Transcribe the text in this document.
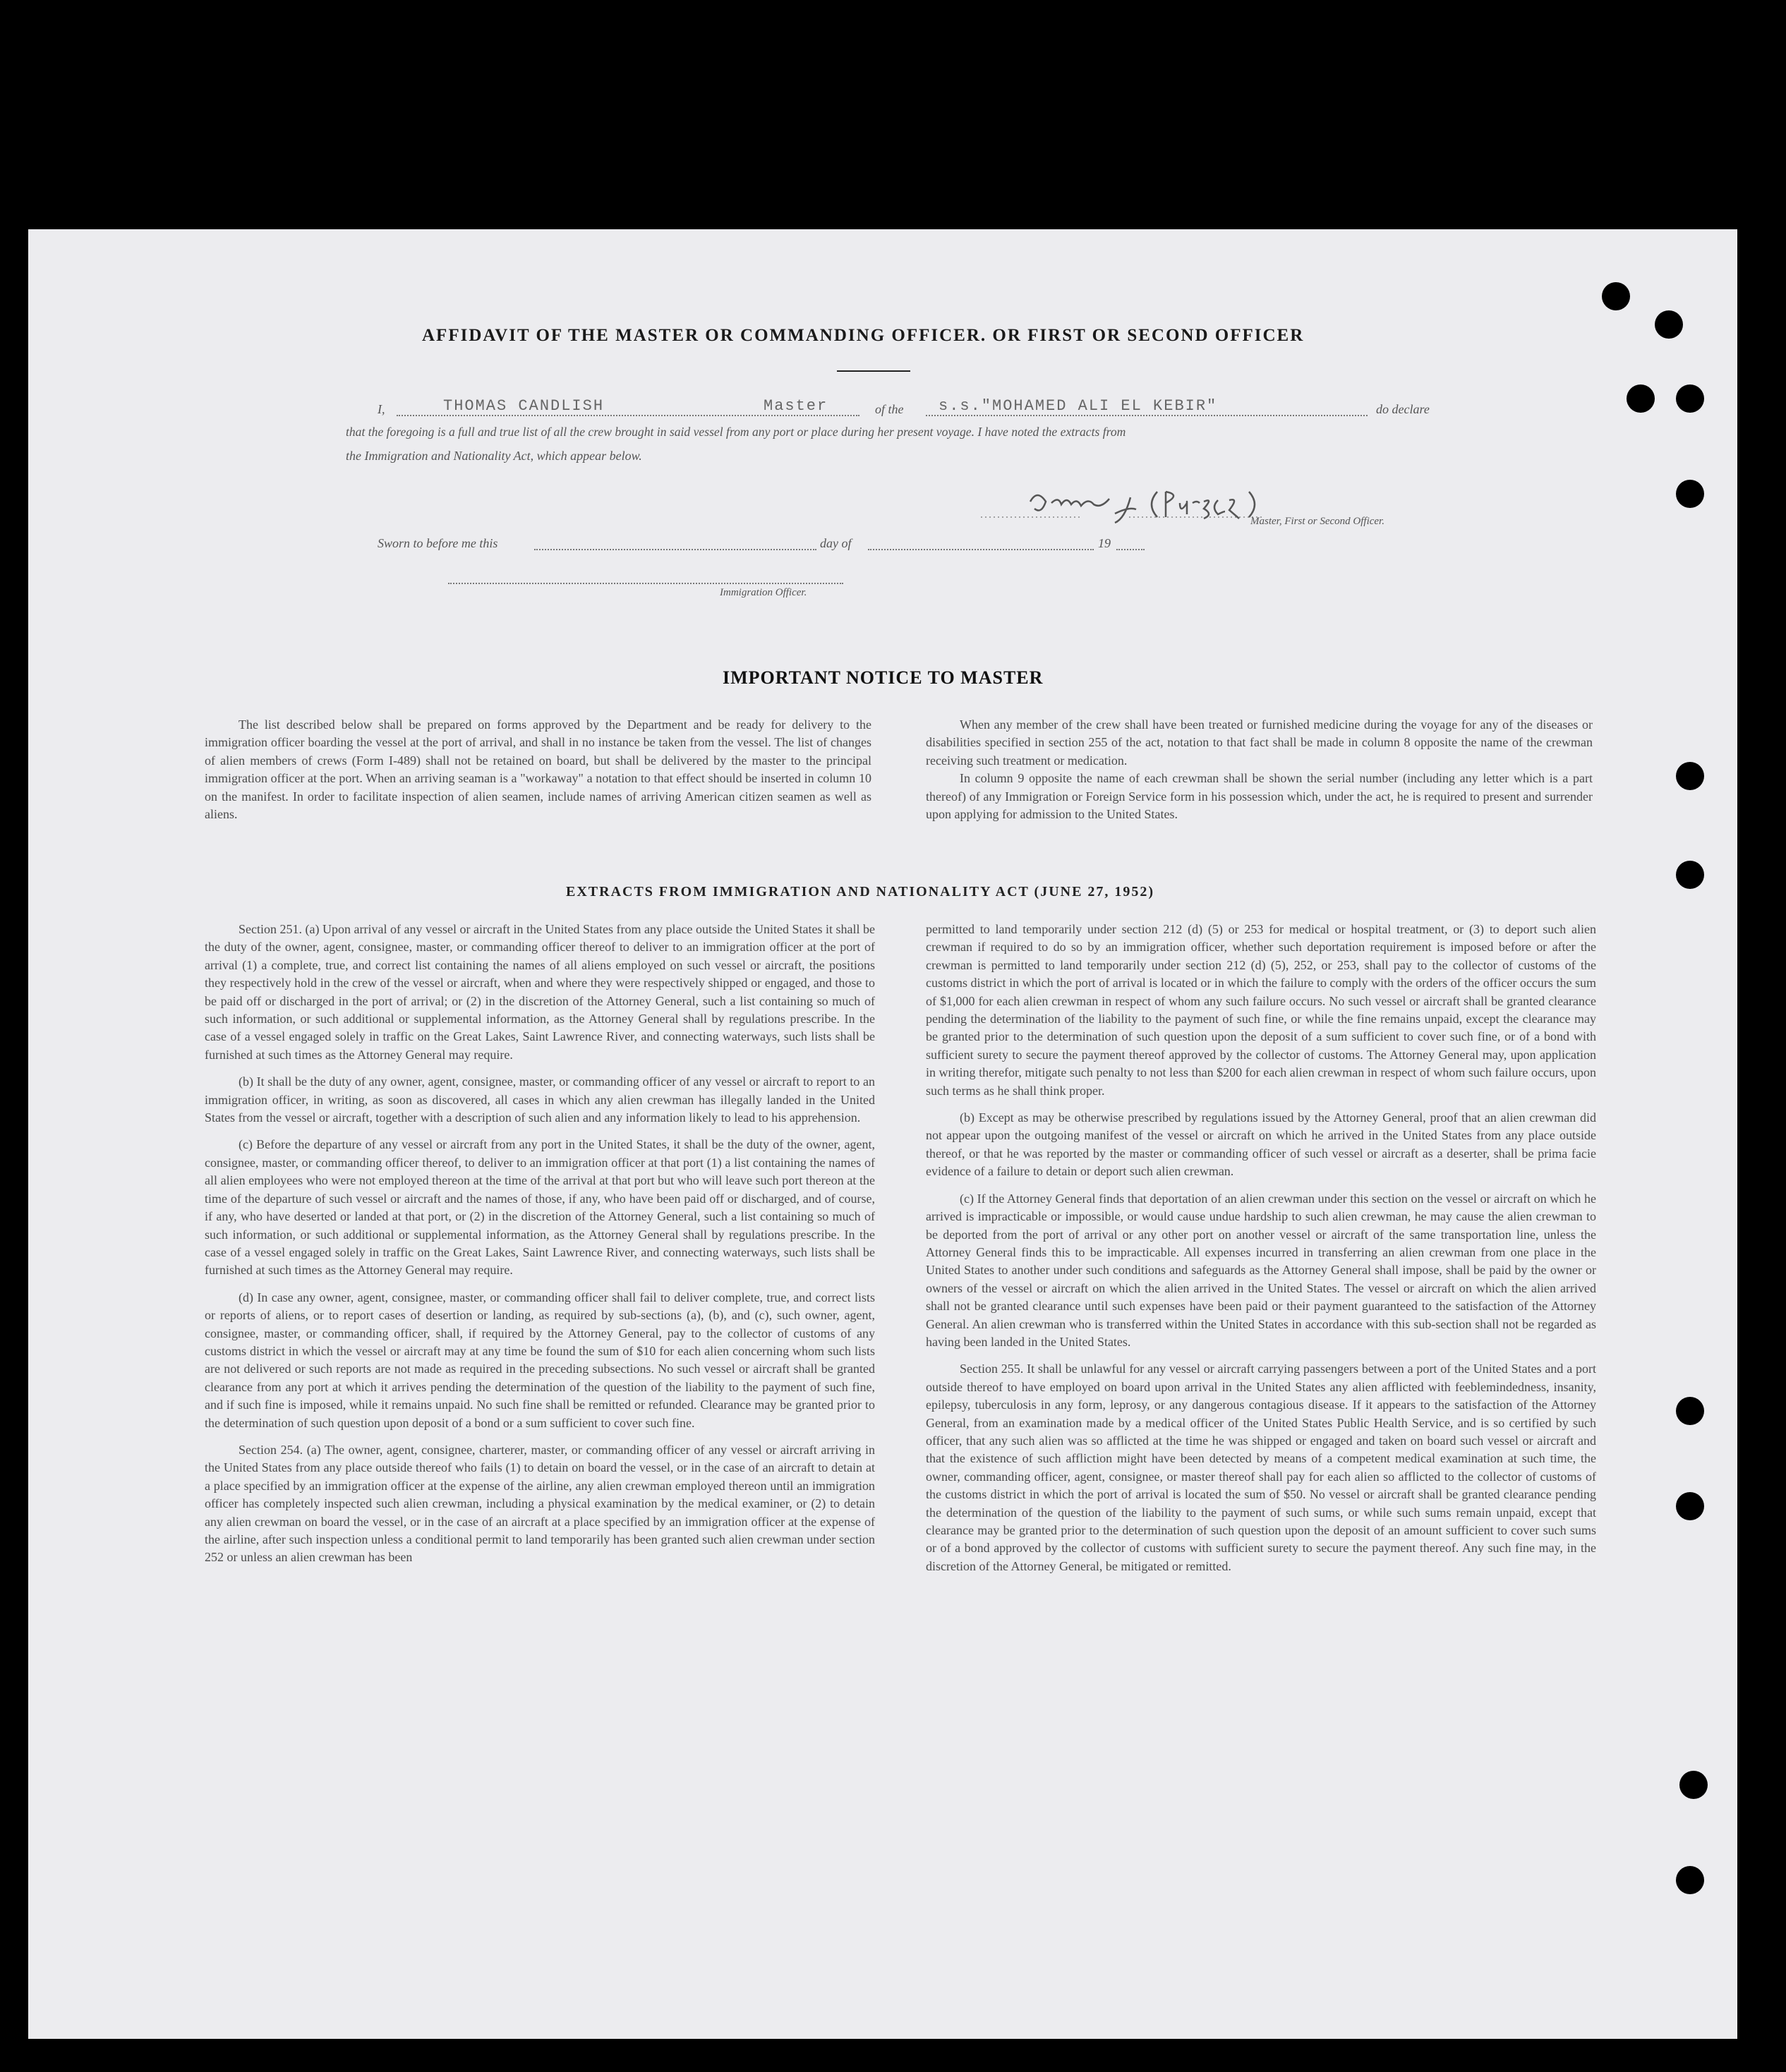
AFFIDAVIT OF THE MASTER OR COMMANDING OFFICER. OR FIRST OR SECOND OFFICER
I,	THOMAS CANDLISH	Master	of the s.s."MOHAMED ALI EL KEBIR"	do declare
that the foregoing is a full and true list of all the crew brought in said vessel from any port or place during her present voyage. I have noted the extracts from
the Immigration and Nationality Act, which appear below.
Master, First or Second Officer.
Sworn to before me this	day of	19
Immigration Officer.
IMPORTANT NOTICE TO MASTER

The list described below shall be prepared on forms approved by the Department and be ready for delivery to the immigration officer boarding the vessel at the port of arrival, and shall in no instance be taken from the vessel. The list of changes of alien members of crews (Form I-489) shall not be retained on board, but shall be delivered by the master to the principal immigration officer at the port. When an arriving seaman is a "workaway" a notation to that effect should be inserted in column 10 on the manifest. In order to facilitate inspection of alien seamen, include names of arriving American citizen seamen as well as aliens.

When any member of the crew shall have been treated or furnished medicine during the voyage for any of the diseases or disabilities specified in section 255 of the act, notation to that fact shall be made in column 8 opposite the name of the crewman receiving such treatment or medication.

In column 9 opposite the name of each crewman shall be shown the serial number (including any letter which is a part thereof) of any Immigration or Foreign Service form in his possession which, under the act, he is required to present and surrender upon applying for admission to the United States.

EXTRACTS FROM IMMIGRATION AND NATIONALITY ACT (JUNE 27, 1952)

Section 251. (a) Upon arrival of any vessel or aircraft in the United States from any place outside the United States it shall be the duty of the owner, agent, consignee, master, or commanding officer thereof to deliver to an immigration officer at the port of arrival (1) a complete, true, and correct list containing the names of all aliens employed on such vessel or aircraft, the positions they respectively hold in the crew of the vessel or aircraft, when and where they were respectively shipped or engaged, and those to be paid off or discharged in the port of arrival; or (2) in the discretion of the Attorney General, such a list containing so much of such information, or such additional or supplemental information, as the Attorney General shall by regulations prescribe. In the case of a vessel engaged solely in traffic on the Great Lakes, Saint Lawrence River, and connecting waterways, such lists shall be furnished at such times as the Attorney General may require.

(b) It shall be the duty of any owner, agent, consignee, master, or commanding officer of any vessel or aircraft to report to an immigration officer, in writing, as soon as discovered, all cases in which any alien crewman has illegally landed in the United States from the vessel or aircraft, together with a description of such alien and any information likely to lead to his apprehension.

(c) Before the departure of any vessel or aircraft from any port in the United States, it shall be the duty of the owner, agent, consignee, master, or commanding officer thereof, to deliver to an immigration officer at that port (1) a list containing the names of all alien employees who were not employed thereon at the time of the arrival at that port but who will leave such port thereon at the time of the departure of such vessel or aircraft and the names of those, if any, who have been paid off or discharged, and of course, if any, who have deserted or landed at that port, or (2) in the discretion of the Attorney General, such a list containing so much of such information, or such additional or supplemental information, as the Attorney General shall by regulations prescribe. In the case of a vessel engaged solely in traffic on the Great Lakes, Saint Lawrence River, and connecting waterways, such lists shall be furnished at such times as the Attorney General may require.

(d) In case any owner, agent, consignee, master, or commanding officer shall fail to deliver complete, true, and correct lists or reports of aliens, or to report cases of desertion or landing, as required by sub-sections (a), (b), and (c), such owner, agent, consignee, master, or commanding officer, shall, if required by the Attorney General, pay to the collector of customs of any customs district in which the vessel or aircraft may at any time be found the sum of $10 for each alien concerning whom such lists are not delivered or such reports are not made as required in the preceding subsections. No such vessel or aircraft shall be granted clearance from any port at which it arrives pending the determination of the question of the liability to the payment of such fine, and if such fine is imposed, while it remains unpaid. No such fine shall be remitted or refunded. Clearance may be granted prior to the determination of such question upon deposit of a bond or a sum sufficient to cover such fine.

Section 254. (a) The owner, agent, consignee, charterer, master, or commanding officer of any vessel or aircraft arriving in the United States from any place outside thereof who fails (1) to detain on board the vessel, or in the case of an aircraft to detain at a place specified by an immigration officer at the expense of the airline, any alien crewman employed thereon until an immigration officer has completely inspected such alien crewman, including a physical examination by the medical examiner, or (2) to detain any alien crewman on board the vessel, or in the case of an aircraft at a place specified by an immigration officer at the expense of the airline, after such inspection unless a conditional permit to land temporarily has been granted such alien crewman under section 252 or unless an alien crewman has been

permitted to land temporarily under section 212 (d) (5) or 253 for medical or hospital treatment, or (3) to deport such alien crewman if required to do so by an immigration officer, whether such deportation requirement is imposed before or after the crewman is permitted to land temporarily under section 212 (d) (5), 252, or 253, shall pay to the collector of customs of the customs district in which the port of arrival is located or in which the failure to comply with the orders of the officer occurs the sum of $1,000 for each alien crewman in respect of whom any such failure occurs. No such vessel or aircraft shall be granted clearance pending the determination of the liability to the payment of such fine, or while the fine remains unpaid, except the clearance may be granted prior to the determination of such question upon the deposit of a sum sufficient to cover such fine, or of a bond with sufficient surety to secure the payment thereof approved by the collector of customs. The Attorney General may, upon application in writing therefor, mitigate such penalty to not less than $200 for each alien crewman in respect of whom such failure occurs, upon such terms as he shall think proper.

(b) Except as may be otherwise prescribed by regulations issued by the Attorney General, proof that an alien crewman did not appear upon the outgoing manifest of the vessel or aircraft on which he arrived in the United States from any place outside thereof, or that he was reported by the master or commanding officer of such vessel or aircraft as a deserter, shall be prima facie evidence of a failure to detain or deport such alien crewman.

(c) If the Attorney General finds that deportation of an alien crewman under this section on the vessel or aircraft on which he arrived is impracticable or impossible, or would cause undue hardship to such alien crewman, he may cause the alien crewman to be deported from the port of arrival or any other port on another vessel or aircraft of the same transportation line, unless the Attorney General finds this to be impracticable. All expenses incurred in transferring an alien crewman from one place in the United States to another under such conditions and safeguards as the Attorney General shall impose, shall be paid by the owner or owners of the vessel or aircraft on which the alien arrived in the United States. The vessel or aircraft on which the alien arrived shall not be granted clearance until such expenses have been paid or their payment guaranteed to the satisfaction of the Attorney General. An alien crewman who is transferred within the United States in accordance with this sub-section shall not be regarded as having been landed in the United States.

Section 255. It shall be unlawful for any vessel or aircraft carrying passengers between a port of the United States and a port outside thereof to have employed on board upon arrival in the United States any alien afflicted with feeblemindedness, insanity, epilepsy, tuberculosis in any form, leprosy, or any dangerous contagious disease. If it appears to the satisfaction of the Attorney General, from an examination made by a medical officer of the United States Public Health Service, and is so certified by such officer, that any such alien was so afflicted at the time he was shipped or engaged and taken on board such vessel or aircraft and that the existence of such affliction might have been detected by means of a competent medical examination at such time, the owner, commanding officer, agent, consignee, or master thereof shall pay for each alien so afflicted to the collector of customs of the customs district in which the port of arrival is located the sum of $50. No vessel or aircraft shall be granted clearance pending the determination of the question of the liability to the payment of such sums, or while such sums remain unpaid, except that clearance may be granted prior to the determination of such question upon the deposit of an amount sufficient to cover such sums or of a bond approved by the collector of customs with sufficient surety to secure the payment thereof. Any such fine may, in the discretion of the Attorney General, be mitigated or remitted.
